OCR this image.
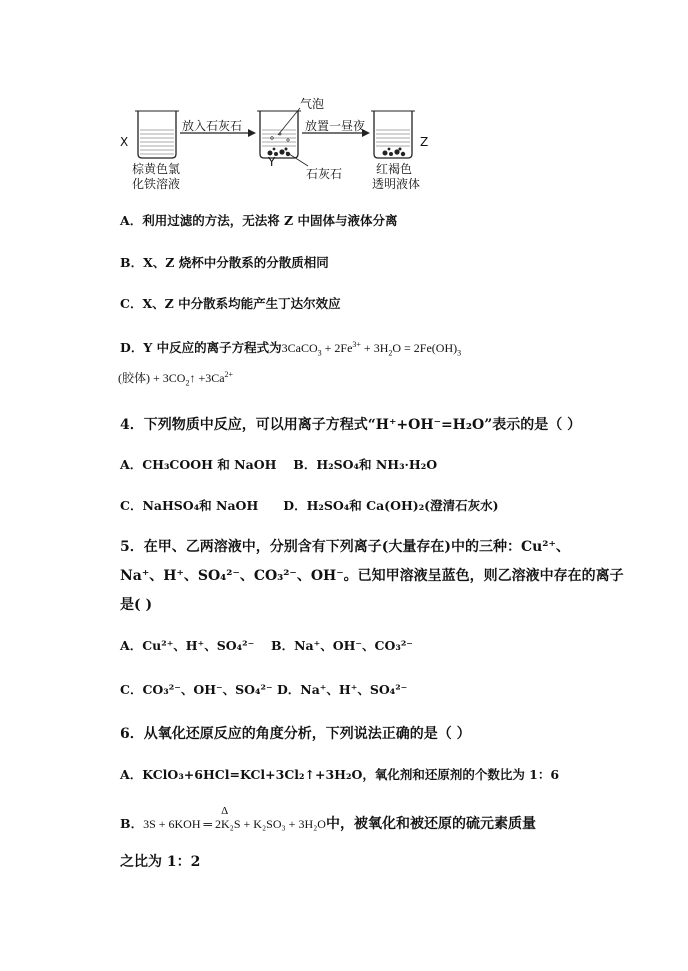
X
Y
Z
放入石灰石	放置一昼夜
气泡
石灰石
棕黄色氯
化铁溶液
红褐色
透明液体
A．利用过滤的方法，无法将 Z 中固体与液体分离
B．X、Z 烧杯中分散系的分散质相同
C．X、Z 中分散系均能产生丁达尔效应
D．Y 中反应的离子方程式为3CaCO$_3$ + $2Fe^{3+} + 3H_2O = 2Fe(OH)_3$
(胶体) + $3CO_2↑ +3Ca^{2+}$
4．下列物质中反应，可以用离子方程式“H⁺+OH⁻=H₂O”表示的是（ ）
A．CH₃COOH 和 NaOH　 B．H₂SO₄和 NH₃·H₂O
C．NaHSO₄和 NaOH　　D．H₂SO₄和 Ca(OH)₂(澄清石灰水)
5．在甲、乙两溶液中，分别含有下列离子(大量存在)中的三种：Cu²⁺、
Na⁺、H⁺、SO₄²⁻、CO₃²⁻、OH⁻。已知甲溶液呈蓝色，则乙溶液中存在的离子
是( )
A．Cu²⁺、H⁺、SO₄²⁻　 B．Na⁺、OH⁻、CO₃²⁻
C．CO₃²⁻、OH⁻、SO₄²⁻ D．Na⁺、H⁺、SO₄²⁻
6．从氧化还原反应的角度分析，下列说法正确的是（ ）
A．KClO₃+6HCl=KCl+3Cl₂↑+3H₂O，氧化剂和还原剂的个数比为 1：6
B．3S + 6KOH ═ 2K₂S + K₂SO₃ + 3H₂O
Δ
中，被氧化和被还原的硫元素质量
之比为 1：2
